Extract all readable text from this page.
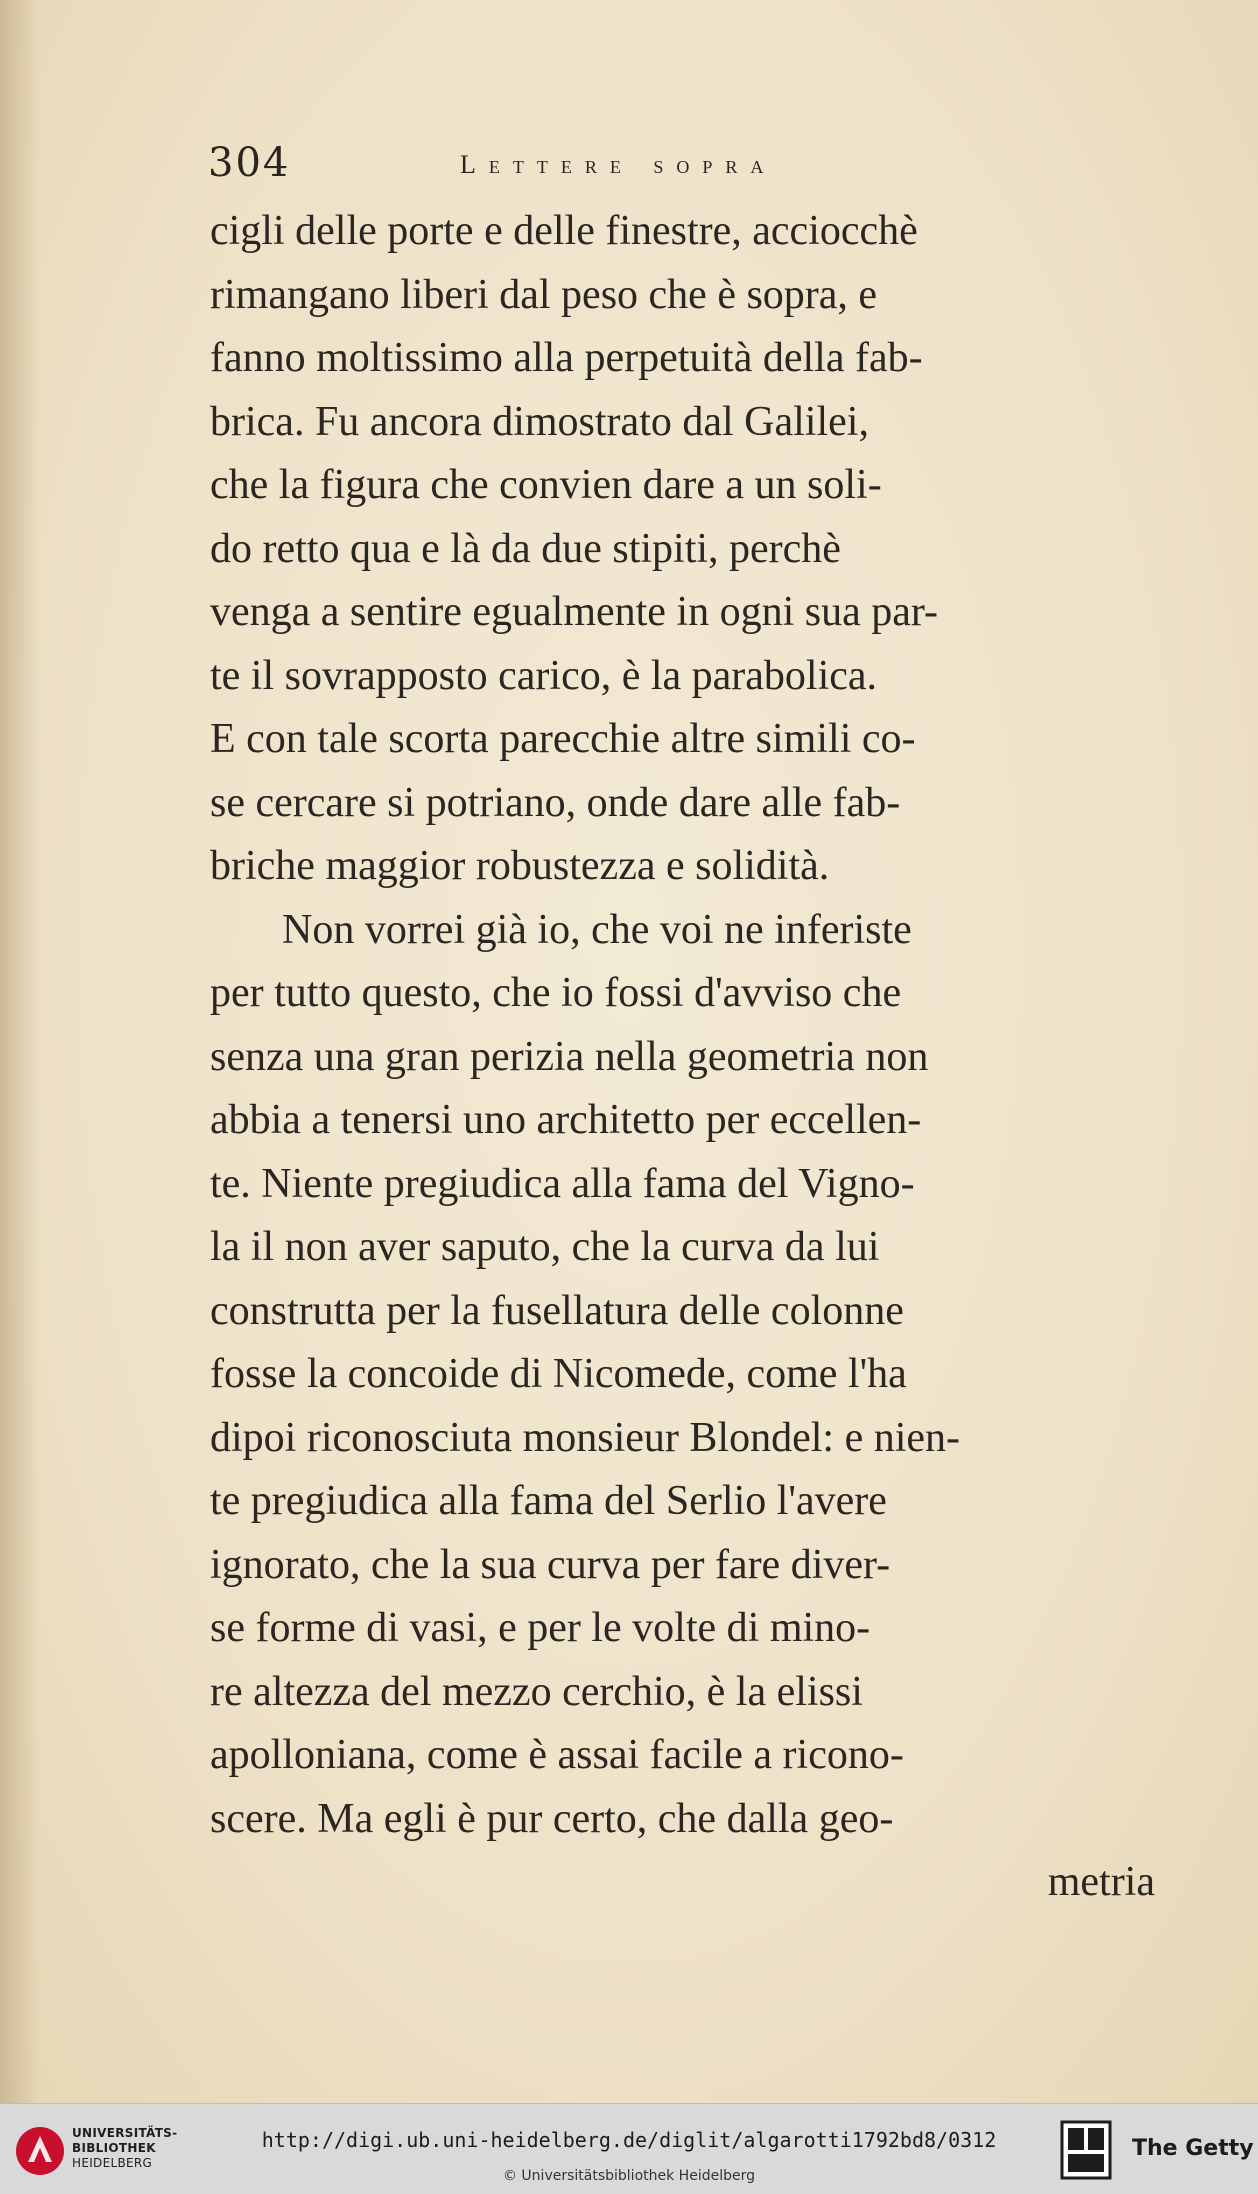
304	Lettere sopra
cigli delle porte e delle finestre, acciocchè
rimangano liberi dal peso che è sopra, e
fanno moltissimo alla perpetuità della fab-
brica. Fu ancora dimostrato dal Galilei,
che la figura che convien dare a un soli-
do retto qua e là da due stipiti, perchè
venga a sentire egualmente in ogni sua par-
te il sovrapposto carico, è la parabolica.
E con tale scorta parecchie altre simili co-
se cercare si potriano, onde dare alle fab-
briche maggior robustezza e solidità.
Non vorrei già io, che voi ne inferiste
per tutto questo, che io fossi d'avviso che
senza una gran perizia nella geometria non
abbia a tenersi uno architetto per eccellen-
te. Niente pregiudica alla fama del Vigno-
la il non aver saputo, che la curva da lui
construtta per la fusellatura delle colonne
fosse la concoide di Nicomede, come l'ha
dipoi riconosciuta monsieur Blondel: e nien-
te pregiudica alla fama del Serlio l'avere
ignorato, che la sua curva per fare diver-
se forme di vasi, e per le volte di mino-
re altezza del mezzo cerchio, è la elissi
apolloniana, come è assai facile a ricono-
scere. Ma egli è pur certo, che dalla geo-
metria
UNIVERSITÄTS-
BIBLIOTHEK
HEIDELBERG
http://digi.ub.uni-heidelberg.de/diglit/algarotti1792bd8/0312
© Universitätsbibliothek Heidelberg
The Getty
